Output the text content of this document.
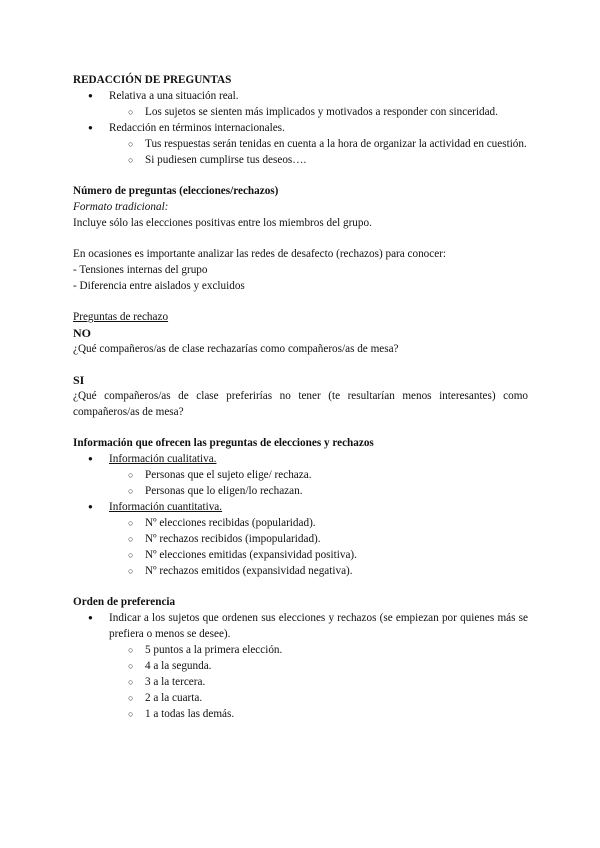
REDACCIÓN DE PREGUNTAS

● Relativa a una situación real.
○ Los sujetos se sienten más implicados y motivados a responder con sinceridad.
● Redacción en términos internacionales.
○ Tus respuestas serán tenidas en cuenta a la hora de organizar la actividad en cuestión.
○ Si pudiesen cumplirse tus deseos….

Número de preguntas (elecciones/rechazos)

Formato tradicional:

Incluye sólo las elecciones positivas entre los miembros del grupo.

En ocasiones es importante analizar las redes de desafecto (rechazos) para conocer:

- Tensiones internas del grupo

- Diferencia entre aislados y excluidos

Preguntas de rechazo

NO

¿Qué compañeros/as de clase rechazarías como compañeros/as de mesa?

SI

¿Qué compañeros/as de clase preferirías no tener (te resultarían menos interesantes) como compañeros/as de mesa?

Información que ofrecen las preguntas de elecciones y rechazos

● Información cualitativa.
○ Personas que el sujeto elige/ rechaza.
○ Personas que lo eligen/lo rechazan.
● Información cuantitativa.
○ Nº elecciones recibidas (popularidad).
○ Nº rechazos recibidos (impopularidad).
○ Nº elecciones emitidas (expansividad positiva).
○ Nº rechazos emitidos (expansividad negativa).

Orden de preferencia

● Indicar a los sujetos que ordenen sus elecciones y rechazos (se empiezan por quienes más se prefiera o menos se desee).
○ 5 puntos a la primera elección.
○ 4 a la segunda.
○ 3 a la tercera.
○ 2 a la cuarta.
○ 1 a todas las demás.
